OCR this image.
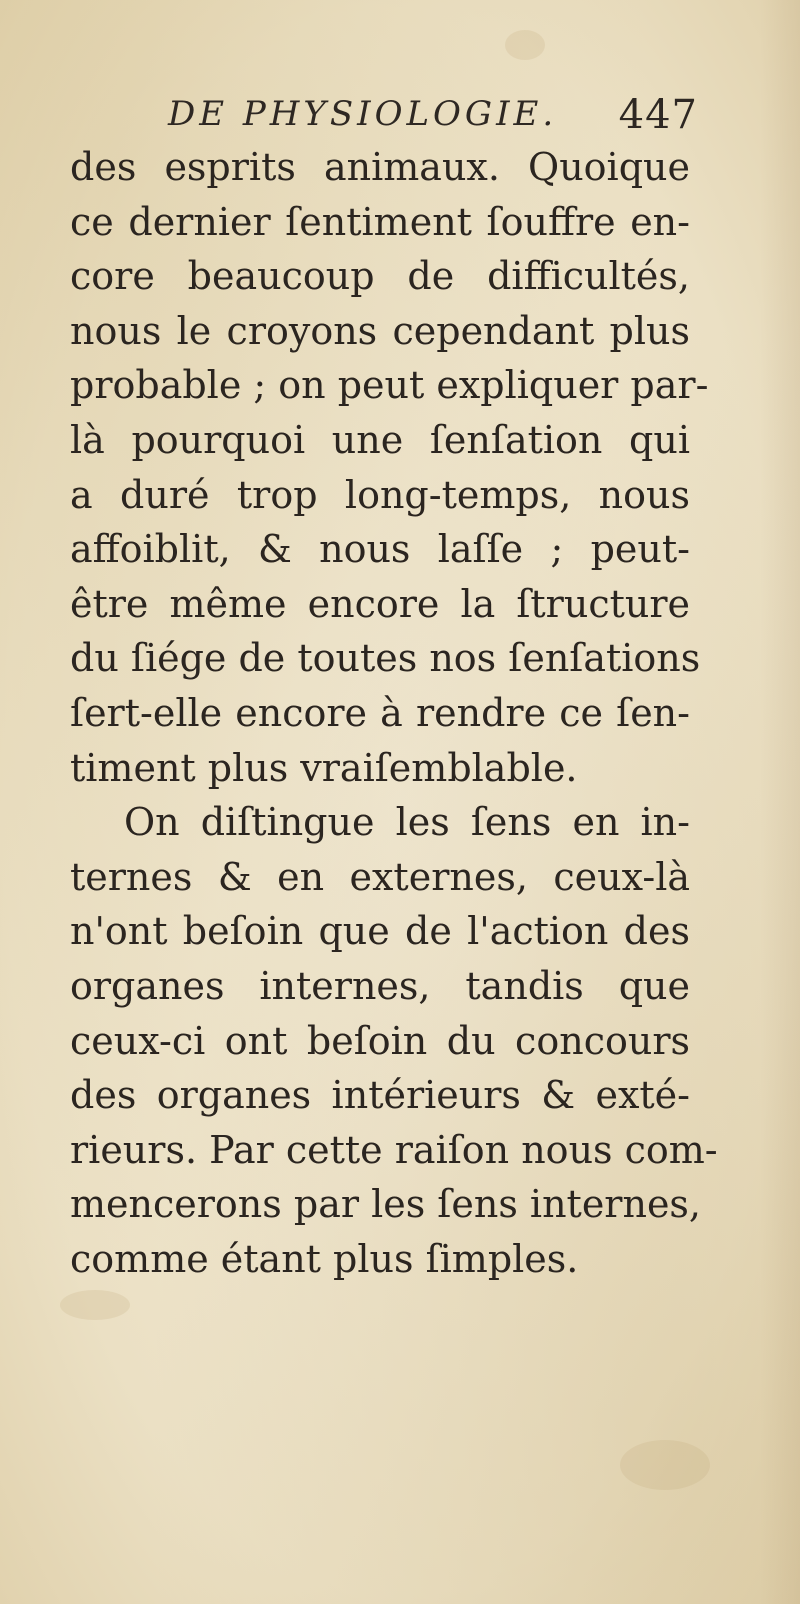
DE PHYSIOLOGIE. 447
des esprits animaux. Quoique
ce dernier ſentiment ſouffre en-
core beaucoup de difficultés,
nous le croyons cependant plus
probable ; on peut expliquer par-
là pourquoi une ſenſation qui
a duré trop long-temps, nous
affoiblit, & nous laſſe ; peut-
être même encore la ſtructure
du ſiége de toutes nos ſenſations
ſert-elle encore à rendre ce ſen-
timent plus vraiſemblable.
On diſtingue les ſens en in-
ternes & en externes, ceux-là
n'ont beſoin que de l'action des
organes internes, tandis que
ceux-ci ont beſoin du concours
des organes intérieurs & exté-
rieurs. Par cette raiſon nous com-
mencerons par les ſens internes,
comme étant plus ſimples.
